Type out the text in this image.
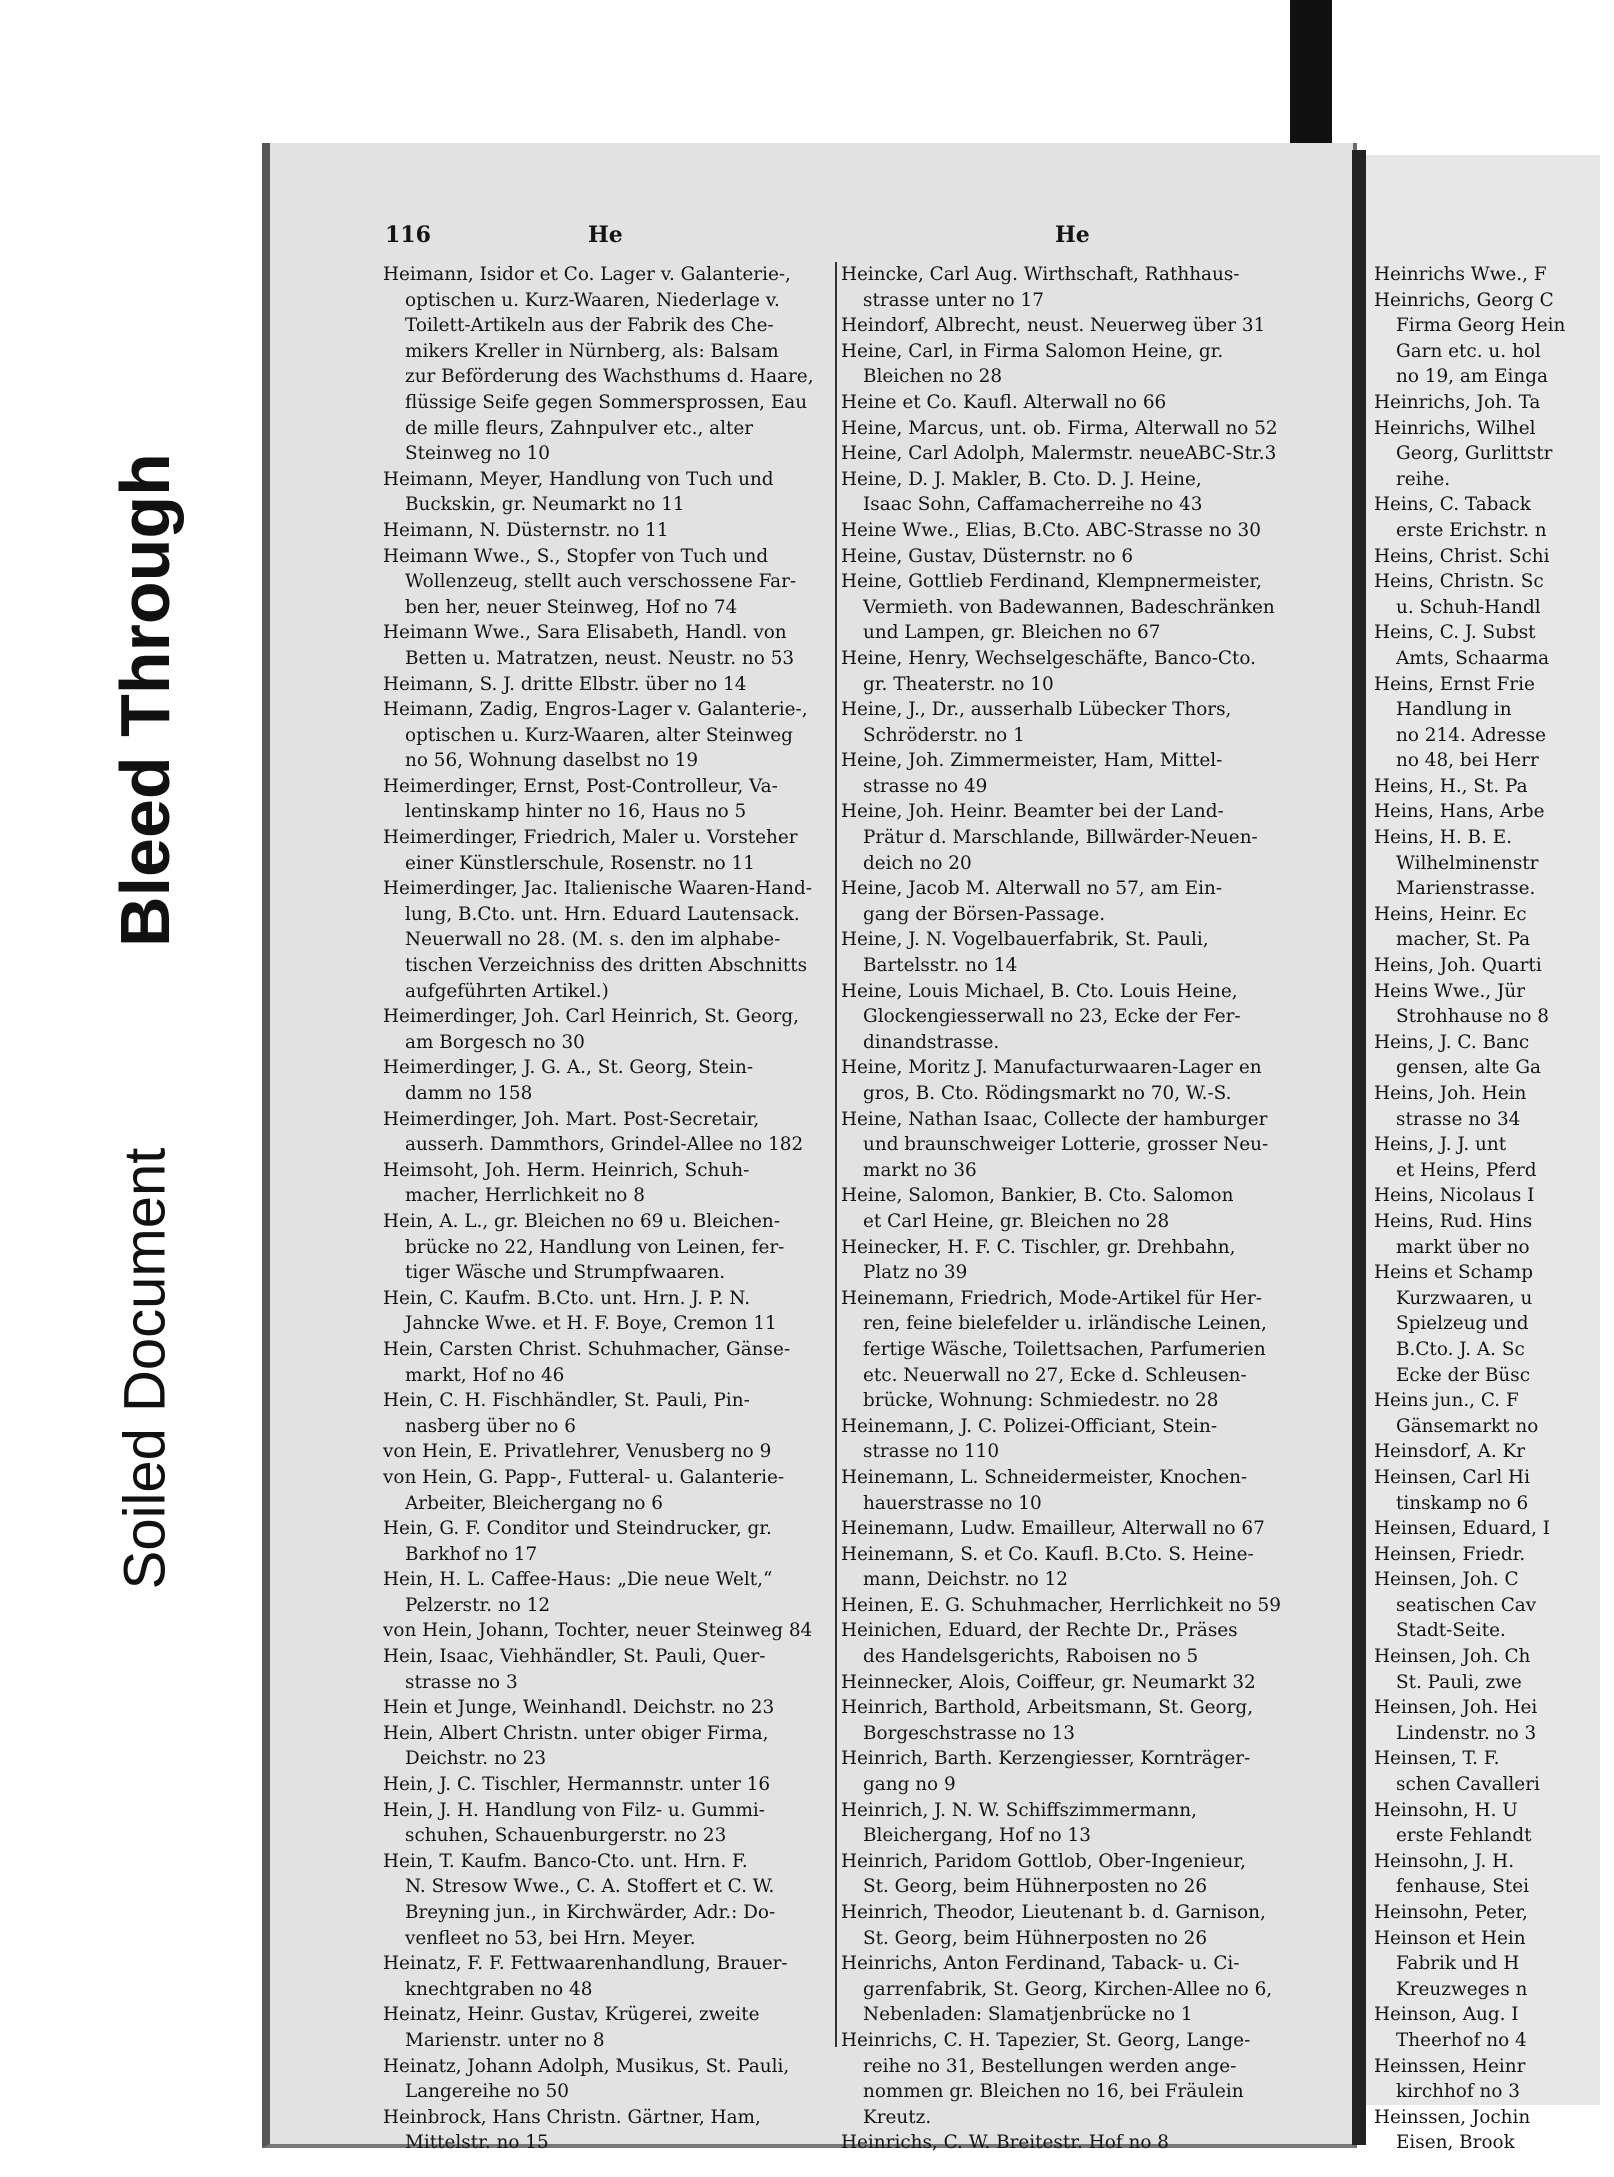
Bleed Through
Soiled Document
Heinrichs Wwe., F
Heinrichs, Georg C
Firma Georg Hein
Garn etc. u. hol
no 19, am Einga
Heinrichs, Joh. Ta
Heinrichs, Wilhel
Georg, Gurlittstr
reihe.
Heins, C. Taback
erste Erichstr. n
Heins, Christ. Schi
Heins, Christn. Sc
u. Schuh-Handl
Heins, C. J. Subst
Amts, Schaarma
Heins, Ernst Frie
Handlung in
no 214. Adresse
no 48, bei Herr
Heins, H., St. Pa
Heins, Hans, Arbe
Heins, H. B. E.
Wilhelminenstr
Marienstrasse.
Heins, Heinr. Ec
macher, St. Pa
Heins, Joh. Quarti
Heins Wwe., Jür
Strohhause no 8
Heins, J. C. Banc
gensen, alte Ga
Heins, Joh. Hein
strasse no 34
Heins, J. J. unt
et Heins, Pferd
Heins, Nicolaus I
Heins, Rud. Hins
markt über no
Heins et Schamp
Kurzwaaren, u
Spielzeug und
B.Cto. J. A. Sc
Ecke der Büsc
Heins jun., C. F
Gänsemarkt no
Heinsdorf, A. Kr
Heinsen, Carl Hi
tinskamp no 6
Heinsen, Eduard, I
Heinsen, Friedr.
Heinsen, Joh. C
seatischen Cav
Stadt-Seite.
Heinsen, Joh. Ch
St. Pauli, zwe
Heinsen, Joh. Hei
Lindenstr. no 3
Heinsen, T. F.
schen Cavalleri
Heinsohn, H. U
erste Fehlandt
Heinsohn, J. H.
fenhause, Stei
Heinsohn, Peter,
Heinson et Hein
Fabrik und H
Kreuzweges n
Heinson, Aug. I
Theerhof no 4
Heinssen, Heinr
kirchhof no 3
Heinssen, Jochin
Eisen, Brook
116	He	He
Heimann, Isidor et Co. Lager v. Galanterie-,
optischen u. Kurz-Waaren, Niederlage v.
Toilett-Artikeln aus der Fabrik des Che-
mikers Kreller in Nürnberg, als: Balsam
zur Beförderung des Wachsthums d. Haare,
flüssige Seife gegen Sommersprossen, Eau
de mille fleurs, Zahnpulver etc., alter
Steinweg no 10
Heimann, Meyer, Handlung von Tuch und
Buckskin, gr. Neumarkt no 11
Heimann, N. Düsternstr. no 11
Heimann Wwe., S., Stopfer von Tuch und
Wollenzeug, stellt auch verschossene Far-
ben her, neuer Steinweg, Hof no 74
Heimann Wwe., Sara Elisabeth, Handl. von
Betten u. Matratzen, neust. Neustr. no 53
Heimann, S. J. dritte Elbstr. über no 14
Heimann, Zadig, Engros-Lager v. Galanterie-,
optischen u. Kurz-Waaren, alter Steinweg
no 56, Wohnung daselbst no 19
Heimerdinger, Ernst, Post-Controlleur, Va-
lentinskamp hinter no 16, Haus no 5
Heimerdinger, Friedrich, Maler u. Vorsteher
einer Künstlerschule, Rosenstr. no 11
Heimerdinger, Jac. Italienische Waaren-Hand-
lung, B.Cto. unt. Hrn. Eduard Lautensack.
Neuerwall no 28. (M. s. den im alphabe-
tischen Verzeichniss des dritten Abschnitts
aufgeführten Artikel.)
Heimerdinger, Joh. Carl Heinrich, St. Georg,
am Borgesch no 30
Heimerdinger, J. G. A., St. Georg, Stein-
damm no 158
Heimerdinger, Joh. Mart. Post-Secretair,
ausserh. Dammthors, Grindel-Allee no 182
Heimsoht, Joh. Herm. Heinrich, Schuh-
macher, Herrlichkeit no 8
Hein, A. L., gr. Bleichen no 69 u. Bleichen-
brücke no 22, Handlung von Leinen, fer-
tiger Wäsche und Strumpfwaaren.
Hein, C. Kaufm. B.Cto. unt. Hrn. J. P. N.
Jahncke Wwe. et H. F. Boye, Cremon 11
Hein, Carsten Christ. Schuhmacher, Gänse-
markt, Hof no 46
Hein, C. H. Fischhändler, St. Pauli, Pin-
nasberg über no 6
von Hein, E. Privatlehrer, Venusberg no 9
von Hein, G. Papp-, Futteral- u. Galanterie-
Arbeiter, Bleichergang no 6
Hein, G. F. Conditor und Steindrucker, gr.
Barkhof no 17
Hein, H. L. Caffee-Haus: „Die neue Welt,“
Pelzerstr. no 12
von Hein, Johann, Tochter, neuer Steinweg 84
Hein, Isaac, Viehhändler, St. Pauli, Quer-
strasse no 3
Hein et Junge, Weinhandl. Deichstr. no 23
Hein, Albert Christn. unter obiger Firma,
Deichstr. no 23
Hein, J. C. Tischler, Hermannstr. unter 16
Hein, J. H. Handlung von Filz- u. Gummi-
schuhen, Schauenburgerstr. no 23
Hein, T. Kaufm. Banco-Cto. unt. Hrn. F.
N. Stresow Wwe., C. A. Stoffert et C. W.
Breyning jun., in Kirchwärder, Adr.: Do-
venfleet no 53, bei Hrn. Meyer.
Heinatz, F. F. Fettwaarenhandlung, Brauer-
knechtgraben no 48
Heinatz, Heinr. Gustav, Krügerei, zweite
Marienstr. unter no 8
Heinatz, Johann Adolph, Musikus, St. Pauli,
Langereihe no 50
Heinbrock, Hans Christn. Gärtner, Ham,
Mittelstr. no 15
Heincke, Carl Aug. Wirthschaft, Rathhaus-
strasse unter no 17
Heindorf, Albrecht, neust. Neuerweg über 31
Heine, Carl, in Firma Salomon Heine, gr.
Bleichen no 28
Heine et Co. Kaufl. Alterwall no 66
Heine, Marcus, unt. ob. Firma, Alterwall no 52
Heine, Carl Adolph, Malermstr. neueABC-Str.3
Heine, D. J. Makler, B. Cto. D. J. Heine,
Isaac Sohn, Caffamacherreihe no 43
Heine Wwe., Elias, B.Cto. ABC-Strasse no 30
Heine, Gustav, Düsternstr. no 6
Heine, Gottlieb Ferdinand, Klempnermeister,
Vermieth. von Badewannen, Badeschränken
und Lampen, gr. Bleichen no 67
Heine, Henry, Wechselgeschäfte, Banco-Cto.
gr. Theaterstr. no 10
Heine, J., Dr., ausserhalb Lübecker Thors,
Schröderstr. no 1
Heine, Joh. Zimmermeister, Ham, Mittel-
strasse no 49
Heine, Joh. Heinr. Beamter bei der Land-
Prätur d. Marschlande, Billwärder-Neuen-
deich no 20
Heine, Jacob M. Alterwall no 57, am Ein-
gang der Börsen-Passage.
Heine, J. N. Vogelbauerfabrik, St. Pauli,
Bartelsstr. no 14
Heine, Louis Michael, B. Cto. Louis Heine,
Glockengiesserwall no 23, Ecke der Fer-
dinandstrasse.
Heine, Moritz J. Manufacturwaaren-Lager en
gros, B. Cto. Rödingsmarkt no 70, W.-S.
Heine, Nathan Isaac, Collecte der hamburger
und braunschweiger Lotterie, grosser Neu-
markt no 36
Heine, Salomon, Bankier, B. Cto. Salomon
et Carl Heine, gr. Bleichen no 28
Heinecker, H. F. C. Tischler, gr. Drehbahn,
Platz no 39
Heinemann, Friedrich, Mode-Artikel für Her-
ren, feine bielefelder u. irländische Leinen,
fertige Wäsche, Toilettsachen, Parfumerien
etc. Neuerwall no 27, Ecke d. Schleusen-
brücke, Wohnung: Schmiedestr. no 28
Heinemann, J. C. Polizei-Officiant, Stein-
strasse no 110
Heinemann, L. Schneidermeister, Knochen-
hauerstrasse no 10
Heinemann, Ludw. Emailleur, Alterwall no 67
Heinemann, S. et Co. Kaufl. B.Cto. S. Heine-
mann, Deichstr. no 12
Heinen, E. G. Schuhmacher, Herrlichkeit no 59
Heinichen, Eduard, der Rechte Dr., Präses
des Handelsgerichts, Raboisen no 5
Heinnecker, Alois, Coiffeur, gr. Neumarkt 32
Heinrich, Barthold, Arbeitsmann, St. Georg,
Borgeschstrasse no 13
Heinrich, Barth. Kerzengiesser, Kornträger-
gang no 9
Heinrich, J. N. W. Schiffszimmermann,
Bleichergang, Hof no 13
Heinrich, Paridom Gottlob, Ober-Ingenieur,
St. Georg, beim Hühnerposten no 26
Heinrich, Theodor, Lieutenant b. d. Garnison,
St. Georg, beim Hühnerposten no 26
Heinrichs, Anton Ferdinand, Taback- u. Ci-
garrenfabrik, St. Georg, Kirchen-Allee no 6,
Nebenladen: Slamatjenbrücke no 1
Heinrichs, C. H. Tapezier, St. Georg, Lange-
reihe no 31, Bestellungen werden ange-
nommen gr. Bleichen no 16, bei Fräulein
Kreutz.
Heinrichs, C. W. Breitestr. Hof no 8
